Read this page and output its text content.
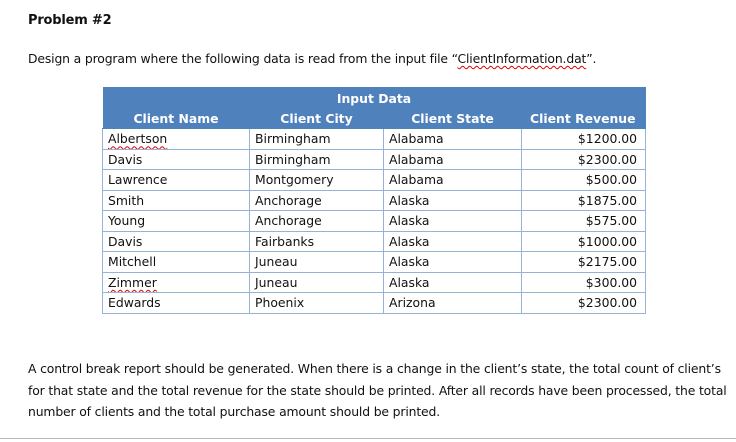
Problem #2
Design a program where the following data is read from the input file “ClientInformation.dat”.
Input Data			
Client Name	Client City	Client State	Client Revenue
Albertson	Birmingham	Alabama	$1200.00
Davis	Birmingham	Alabama	$2300.00
Lawrence	Montgomery	Alabama	$500.00
Smith	Anchorage	Alaska	$1875.00
Young	Anchorage	Alaska	$575.00
Davis	Fairbanks	Alaska	$1000.00
Mitchell	Juneau	Alaska	$2175.00
Zimmer	Juneau	Alaska	$300.00
Edwards	Phoenix	Arizona	$2300.00
A control break report should be generated. When there is a change in the client’s state, the total count of client’s for that state and the total revenue for the state should be printed. After all records have been processed, the total number of clients and the total purchase amount should be printed.
